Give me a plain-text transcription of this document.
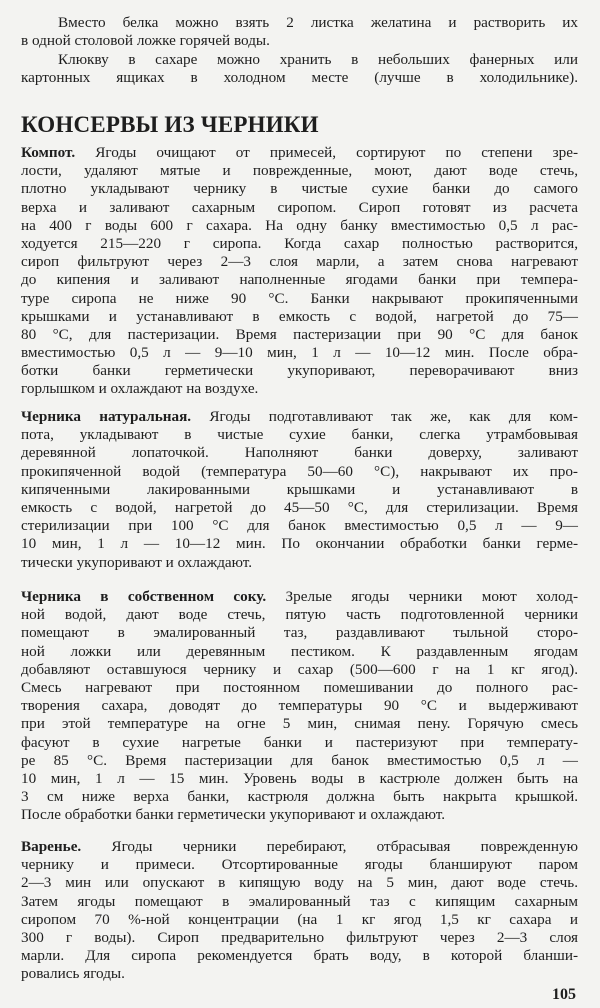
Вместо белка можно взять 2 листка желатина и растворить их
в одной столовой ложке горячей воды.
Клюкву в сахаре можно хранить в небольших фанерных или
картонных ящиках в холодном месте (лучше в холодильнике).
КОНСЕРВЫ ИЗ ЧЕРНИКИ
Компот. Ягоды очищают от примесей, сортируют по степени зре-
лости, удаляют мятые и поврежденные, моют, дают воде стечь,
плотно укладывают чернику в чистые сухие банки до самого
верха и заливают сахарным сиропом. Сироп готовят из расчета
на 400 г воды 600 г сахара. На одну банку вместимостью 0,5 л рас-
ходуется 215—220 г сиропа. Когда сахар полностью растворится,
сироп фильтруют через 2—3 слоя марли, а затем снова нагревают
до кипения и заливают наполненные ягодами банки при темпера-
туре сиропа не ниже 90 °С. Банки накрывают прокипяченными
крышками и устанавливают в емкость с водой, нагретой до 75—
80 °С, для пастеризации. Время пастеризации при 90 °С для банок
вместимостью 0,5 л — 9—10 мин, 1 л — 10—12 мин. После обра-
ботки банки герметически укупоривают, переворачивают вниз
горлышком и охлаждают на воздухе.
Черника натуральная. Ягоды подготавливают так же, как для ком-
пота, укладывают в чистые сухие банки, слегка утрамбовывая
деревянной лопаточкой. Наполняют банки доверху, заливают
прокипяченной водой (температура 50—60 °С), накрывают их про-
кипяченными лакированными крышками и устанавливают в
емкость с водой, нагретой до 45—50 °С, для стерилизации. Время
стерилизации при 100 °С для банок вместимостью 0,5 л — 9—
10 мин, 1 л — 10—12 мин. По окончании обработки банки герме-
тически укупоривают и охлаждают.
Черника в собственном соку. Зрелые ягоды черники моют холод-
ной водой, дают воде стечь, пятую часть подготовленной черники
помещают в эмалированный таз, раздавливают тыльной сторо-
ной ложки или деревянным пестиком. К раздавленным ягодам
добавляют оставшуюся чернику и сахар (500—600 г на 1 кг ягод).
Смесь нагревают при постоянном помешивании до полного рас-
творения сахара, доводят до температуры 90 °С и выдерживают
при этой температуре на огне 5 мин, снимая пену. Горячую смесь
фасуют в сухие нагретые банки и пастеризуют при температу-
ре 85 °С. Время пастеризации для банок вместимостью 0,5 л —
10 мин, 1 л — 15 мин. Уровень воды в кастрюле должен быть на
3 см ниже верха банки, кастрюля должна быть накрыта крышкой.
После обработки банки герметически укупоривают и охлаждают.
Варенье. Ягоды черники перебирают, отбрасывая поврежденную
чернику и примеси. Отсортированные ягоды бланшируют паром
2—3 мин или опускают в кипящую воду на 5 мин, дают воде стечь.
Затем ягоды помещают в эмалированный таз с кипящим сахарным
сиропом 70 %-ной концентрации (на 1 кг ягод 1,5 кг сахара и
300 г воды). Сироп предварительно фильтруют через 2—3 слоя
марли. Для сиропа рекомендуется брать воду, в которой бланши-
ровались ягоды.
105
